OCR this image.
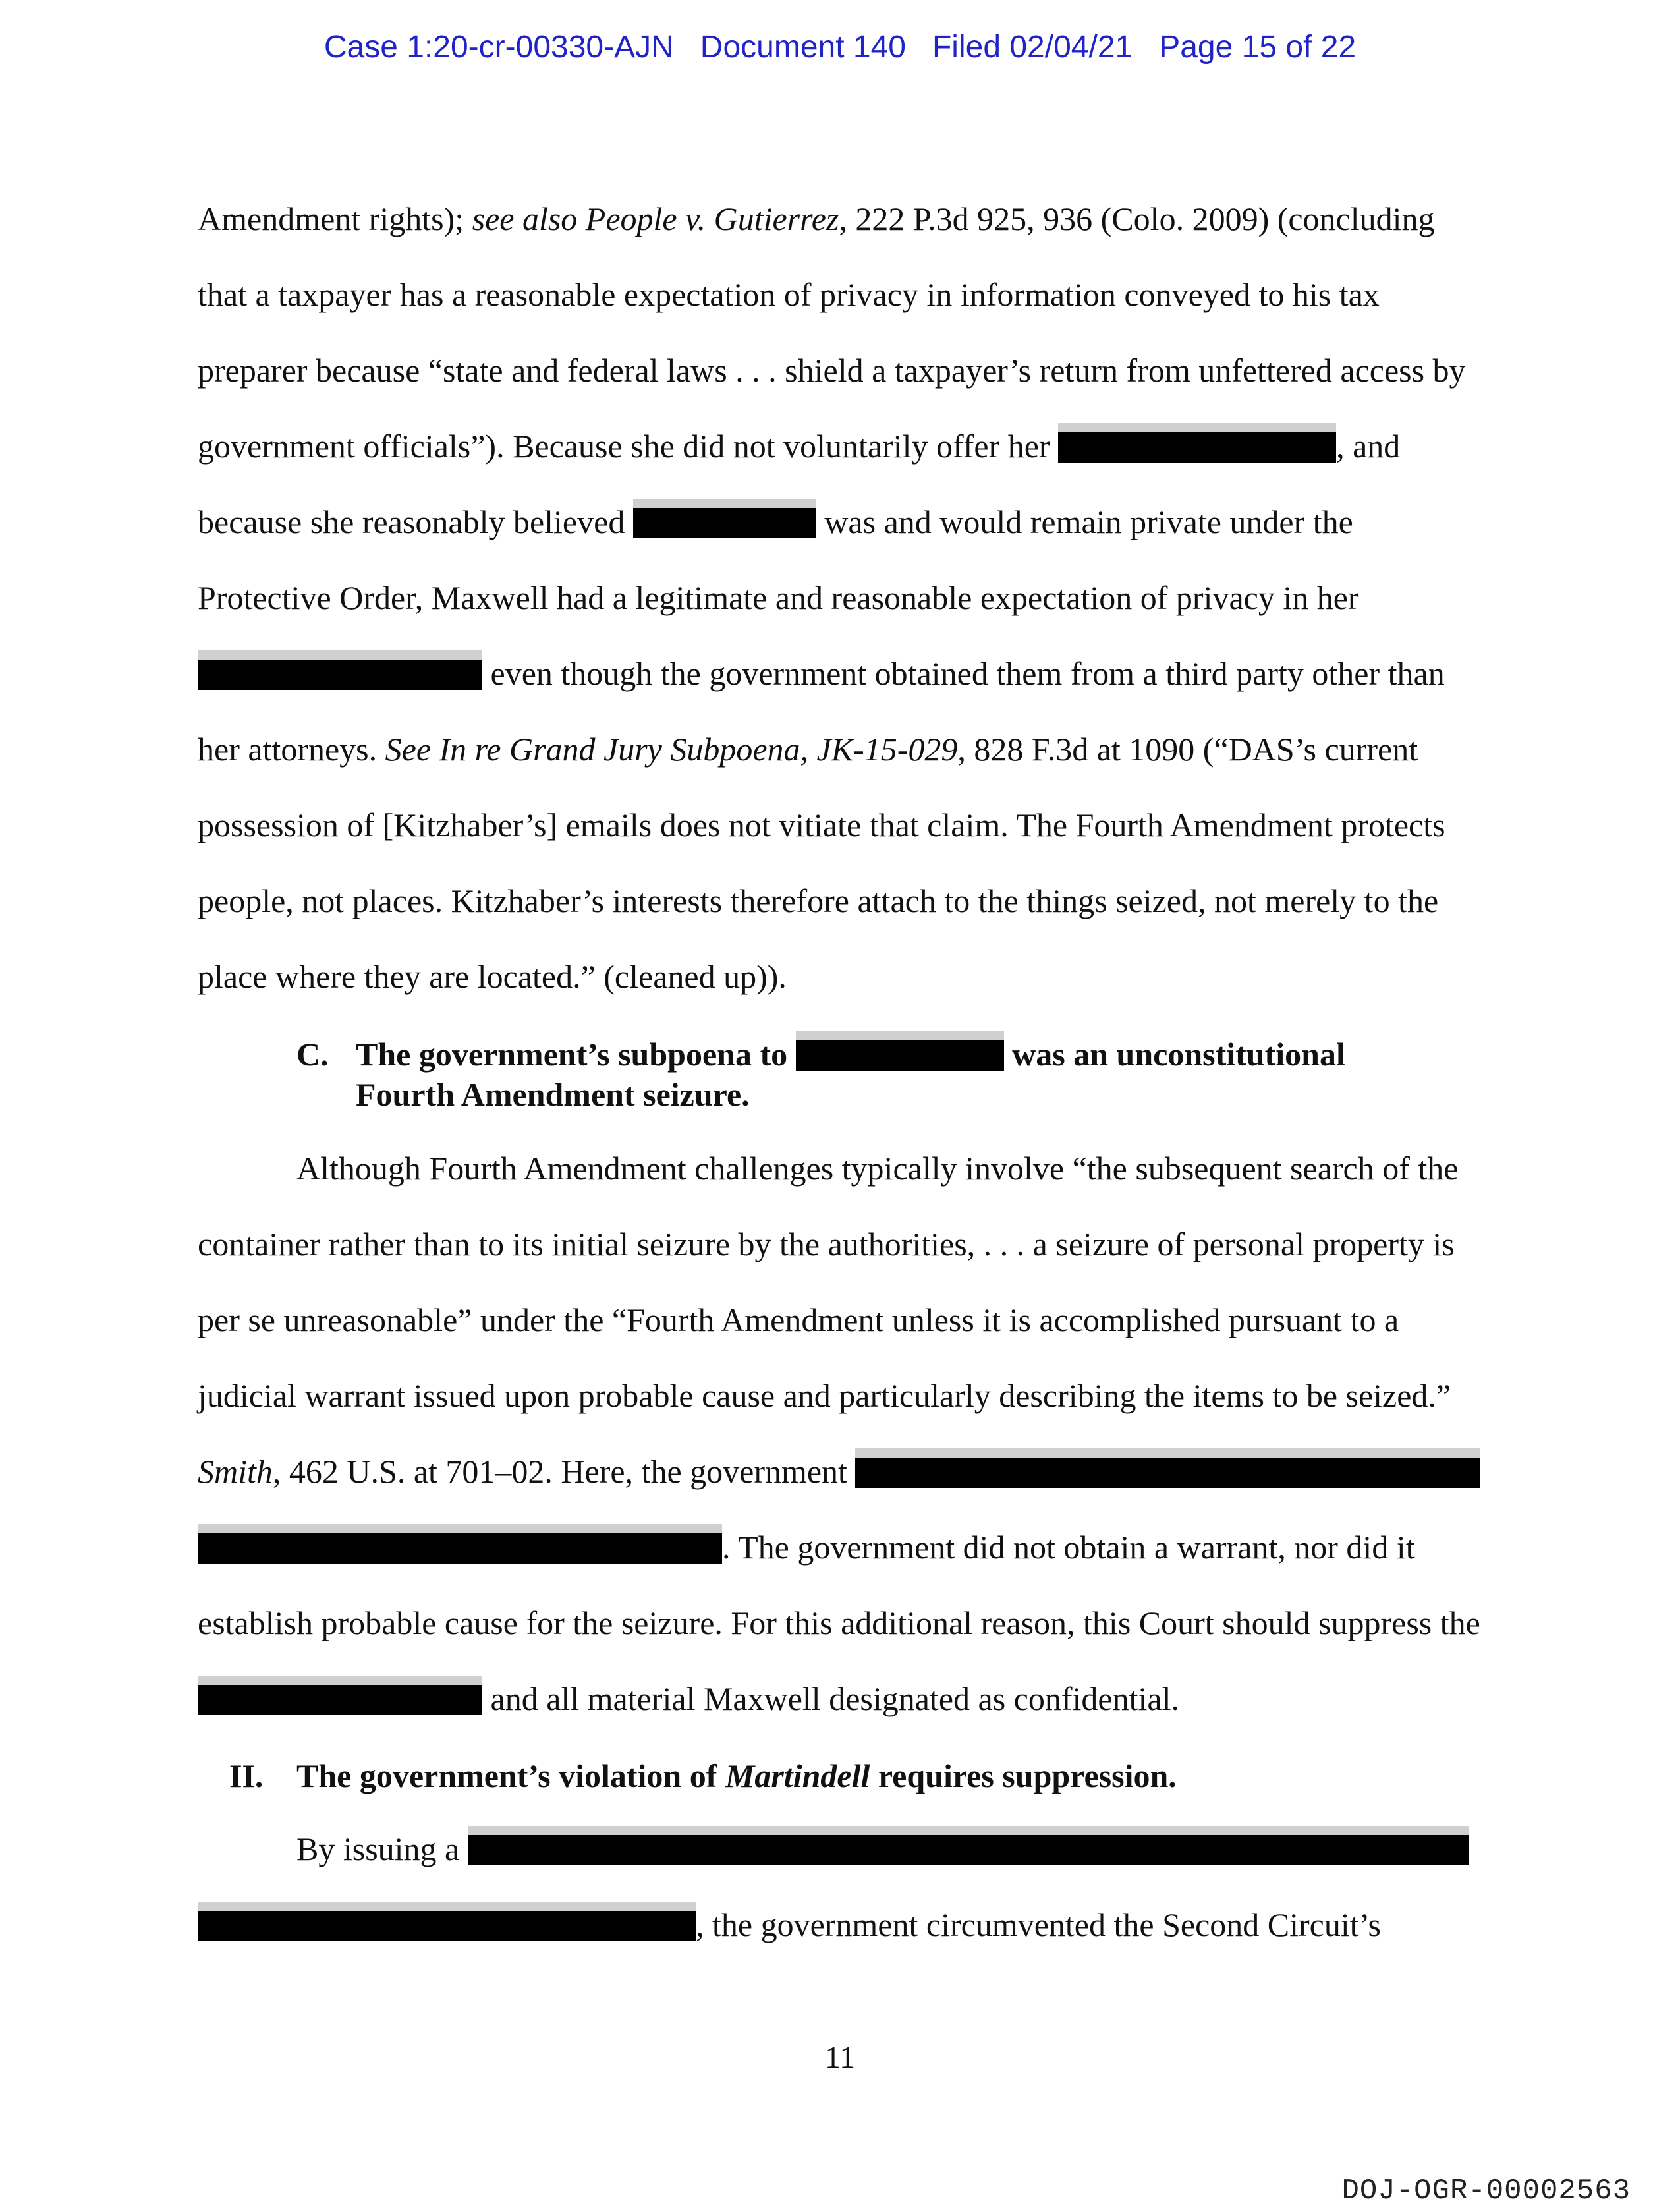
Case 1:20-cr-00330-AJN Document 140 Filed 02/04/21 Page 15 of 22
Amendment rights); see also People v. Gutierrez, 222 P.3d 925, 936 (Colo. 2009) (concluding
that a taxpayer has a reasonable expectation of privacy in information conveyed to his tax
preparer because “state and federal laws . . . shield a taxpayer’s return from unfettered access by
government officials”). Because she did not voluntarily offer her	, and
because she reasonably believed	was and would remain private under the
Protective Order, Maxwell had a legitimate and reasonable expectation of privacy in her
even though the government obtained them from a third party other than
her attorneys. See In re Grand Jury Subpoena, JK-15-029, 828 F.3d at 1090 (“DAS’s current
possession of [Kitzhaber’s] emails does not vitiate that claim. The Fourth Amendment protects
people, not places. Kitzhaber’s interests therefore attach to the things seized, not merely to the
place where they are located.” (cleaned up)).
C. The government’s subpoena to	was an unconstitutional
Fourth Amendment seizure.
Although Fourth Amendment challenges typically involve “the subsequent search of the
container rather than to its initial seizure by the authorities, . . . a seizure of personal property is
per se unreasonable” under the “Fourth Amendment unless it is accomplished pursuant to a
judicial warrant issued upon probable cause and particularly describing the items to be seized.”
Smith, 462 U.S. at 701–02. Here, the government
. The government did not obtain a warrant, nor did it
establish probable cause for the seizure. For this additional reason, this Court should suppress the
and all material Maxwell designated as confidential.
II. The government’s violation of Martindell requires suppression.
By issuing a
, the government circumvented the Second Circuit’s
11
DOJ-OGR-00002563
